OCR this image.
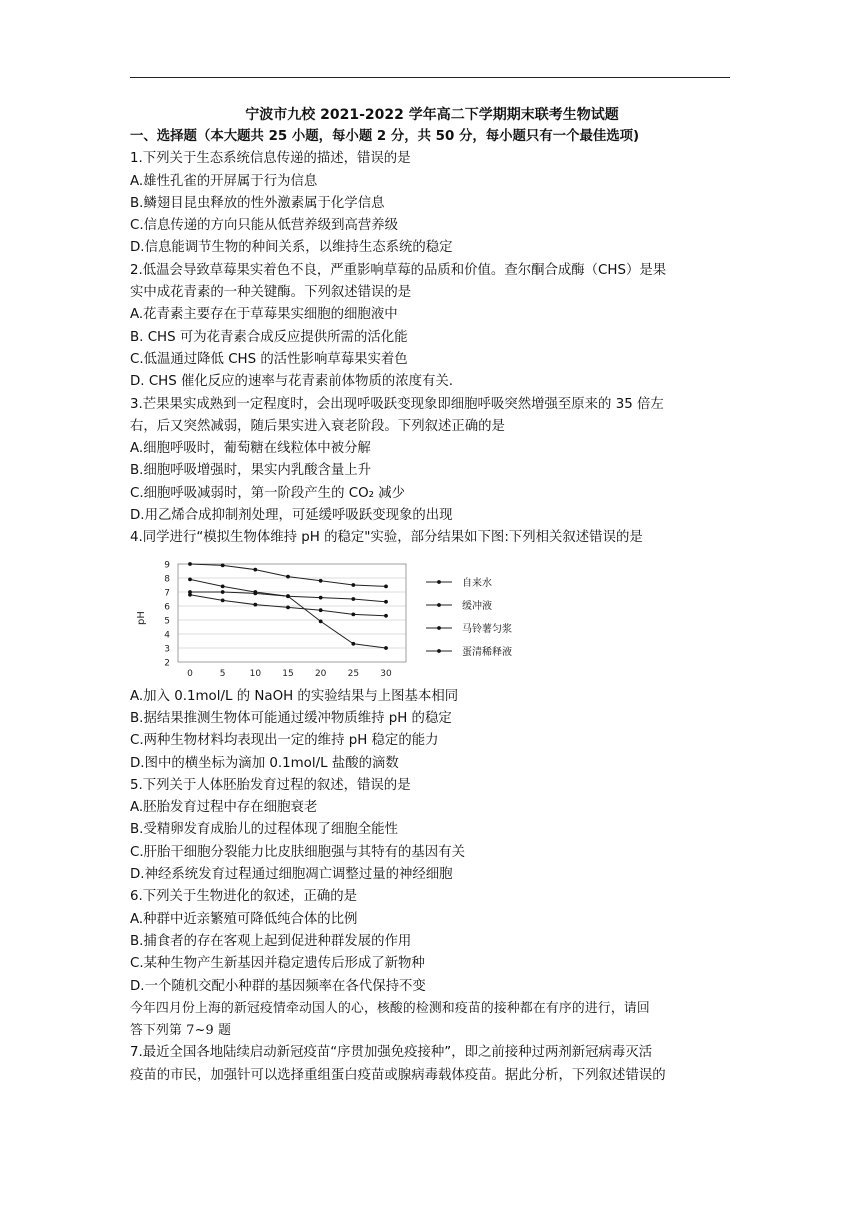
宁波市九校 2021-2022 学年高二下学期期末联考生物试题
一、选择题（本大题共 25 小题，每小题 2 分，共 50 分，每小题只有一个最佳选项)
1.下列关于生态系统信息传递的描述，错误的是
A.雄性孔雀的开屏属于行为信息
B.鳞翅目昆虫释放的性外激素属于化学信息
C.信息传递的方向只能从低营养级到高营养级
D.信息能调节生物的种间关系，以维持生态系统的稳定
2.低温会导致草莓果实着色不良，严重影响草莓的品质和价值。查尔酮合成酶（CHS）是果
实中成花青素的一种关键酶。下列叙述错误的是
A.花青素主要存在于草莓果实细胞的细胞液中
B. CHS 可为花青素合成反应提供所需的活化能
C.低温通过降低 CHS 的活性影响草莓果实着色
D. CHS 催化反应的速率与花青素前体物质的浓度有关.
3.芒果果实成熟到一定程度时，会出现呼吸跃变现象即细胞呼吸突然增强至原来的 35 倍左
右，后又突然减弱，随后果实进入衰老阶段。下列叙述正确的是
A.细胞呼吸时，葡萄糖在线粒体中被分解
B.细胞呼吸增强时，果实内乳酸含量上升
C.细胞呼吸减弱时，第一阶段产生的 CO₂ 减少
D.用乙烯合成抑制剂处理，可延缓呼吸跃变现象的出现
4.同学进行“模拟生物体维持 pH 的稳定"实验，部分结果如下图:下列相关叙述错误的是
2
3
4
5
6
7
8
9
0	5	10 15 20 25 30
pH
自来水
缓冲液
马铃薯匀浆
蛋清稀释液
A.加入 0.1mol/L 的 NaOH 的实验结果与上图基本相同
B.据结果推测生物体可能通过缓冲物质维持 pH 的稳定
C.两种生物材料均表现出一定的维持 pH 稳定的能力
D.图中的横坐标为滴加 0.1mol/L 盐酸的滴数
5.下列关于人体胚胎发育过程的叙述，错误的是
A.胚胎发育过程中存在细胞衰老
B.受精卵发育成胎儿的过程体现了细胞全能性
C.肝胎干细胞分裂能力比皮肤细胞强与其特有的基因有关
D.神经系统发育过程通过细胞凋亡调整过量的神经细胞
6.下列关于生物进化的叙述，正确的是
A.种群中近亲繁殖可降低纯合体的比例
B.捕食者的存在客观上起到促进种群发展的作用
C.某种生物产生新基因并稳定遗传后形成了新物种
D.一个随机交配小种群的基因频率在各代保持不变
今年四月份上海的新冠疫情牵动国人的心，核酸的检测和疫苗的接种都在有序的进行，请回
答下列第 7~9 题
7.最近全国各地陆续启动新冠疫苗“序贯加强免疫接种”，即之前接种过两剂新冠病毒灭活
疫苗的市民，加强针可以选择重组蛋白疫苗或腺病毒载体疫苗。据此分析，下列叙述错误的
